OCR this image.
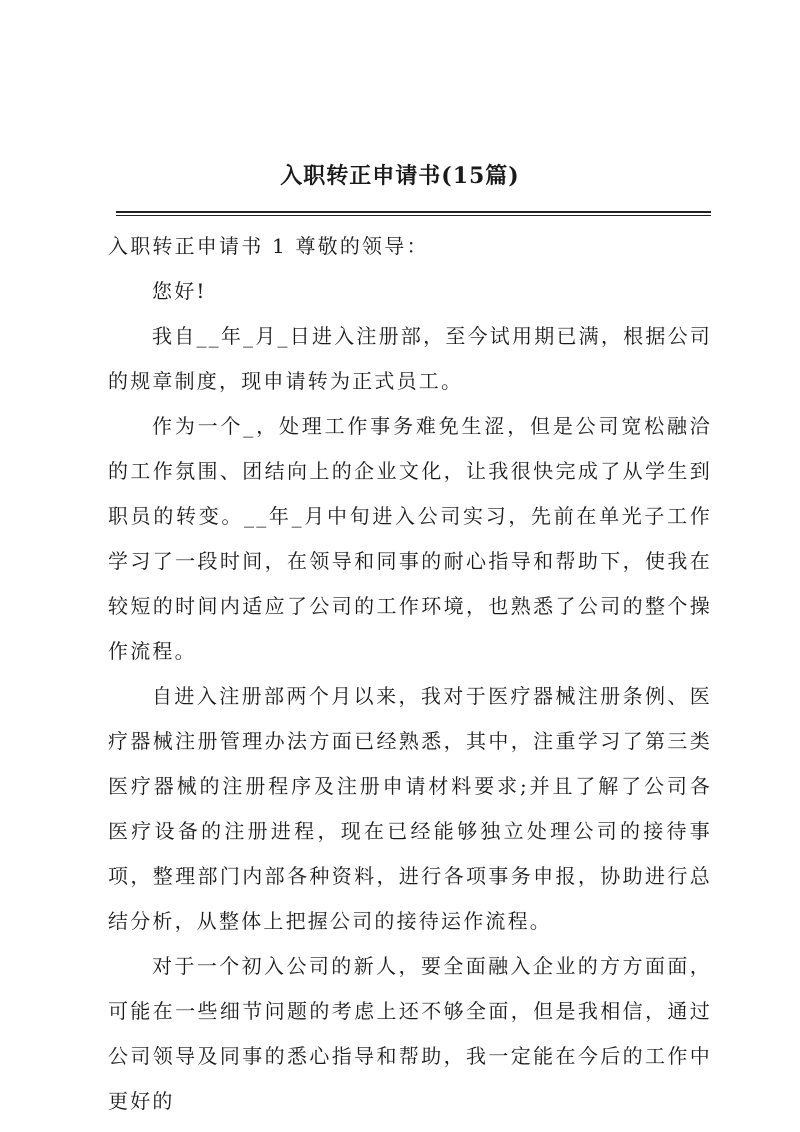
入职转正申请书(15篇)

入职转正申请书 1 尊敬的领导：

您好!

我自__年_月_日进入注册部，至今试用期已满，根据公司的规章制度，现申请转为正式员工。

作为一个_，处理工作事务难免生涩，但是公司宽松融洽的工作氛围、团结向上的企业文化，让我很快完成了从学生到职员的转变。__年_月中旬进入公司实习，先前在单光子工作学习了一段时间，在领导和同事的耐心指导和帮助下，使我在较短的时间内适应了公司的工作环境，也熟悉了公司的整个操作流程。

自进入注册部两个月以来，我对于医疗器械注册条例、医疗器械注册管理办法方面已经熟悉，其中，注重学习了第三类医疗器械的注册程序及注册申请材料要求;并且了解了公司各医疗设备的注册进程，现在已经能够独立处理公司的接待事项，整理部门内部各种资料，进行各项事务申报，协助进行总结分析，从整体上把握公司的接待运作流程。

对于一个初入公司的新人，要全面融入企业的方方面面，可能在一些细节问题的考虑上还不够全面，但是我相信，通过公司领导及同事的悉心指导和帮助，我一定能在今后的工作中更好的
